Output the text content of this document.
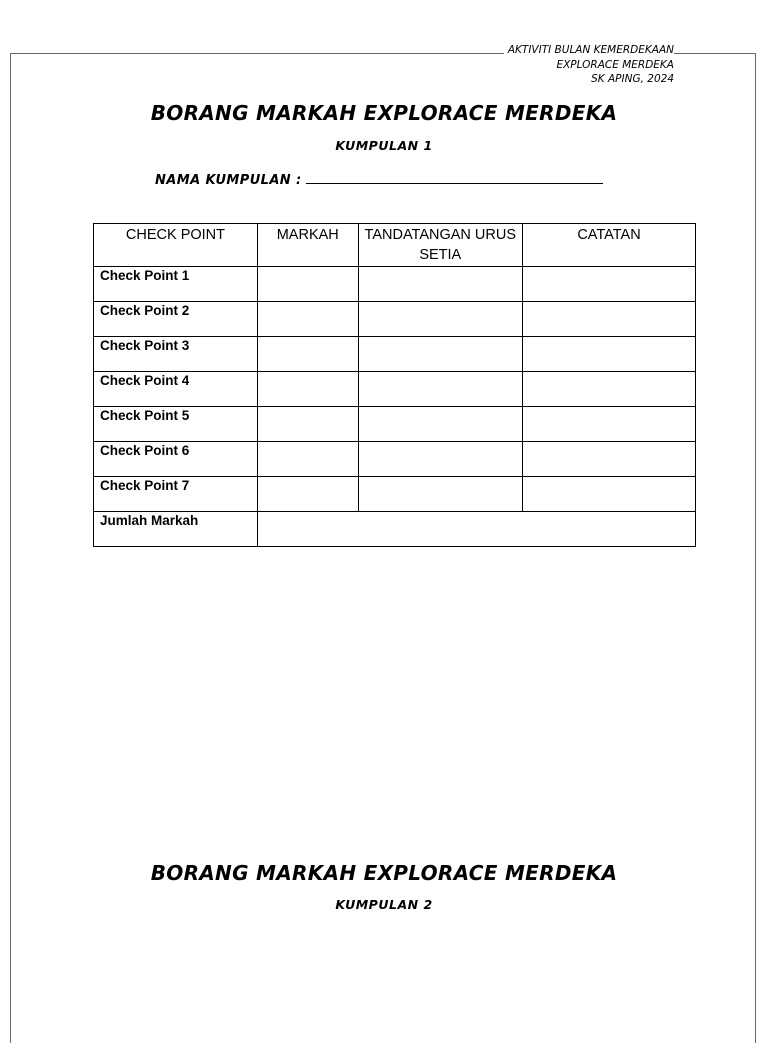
AKTIVITI BULAN KEMERDEKAAN
EXPLORACE MERDEKA
SK APING, 2024
BORANG MARKAH EXPLORACE MERDEKA
KUMPULAN 1
NAMA KUMPULAN :
CHECK POINT	MARKAH	TANDATANGAN URUS SETIA	CATATAN
Check Point 1			
Check Point 2			
Check Point 3			
Check Point 4			
Check Point 5			
Check Point 6			
Check Point 7			
Jumlah Markah			
BORANG MARKAH EXPLORACE MERDEKA
KUMPULAN 2
